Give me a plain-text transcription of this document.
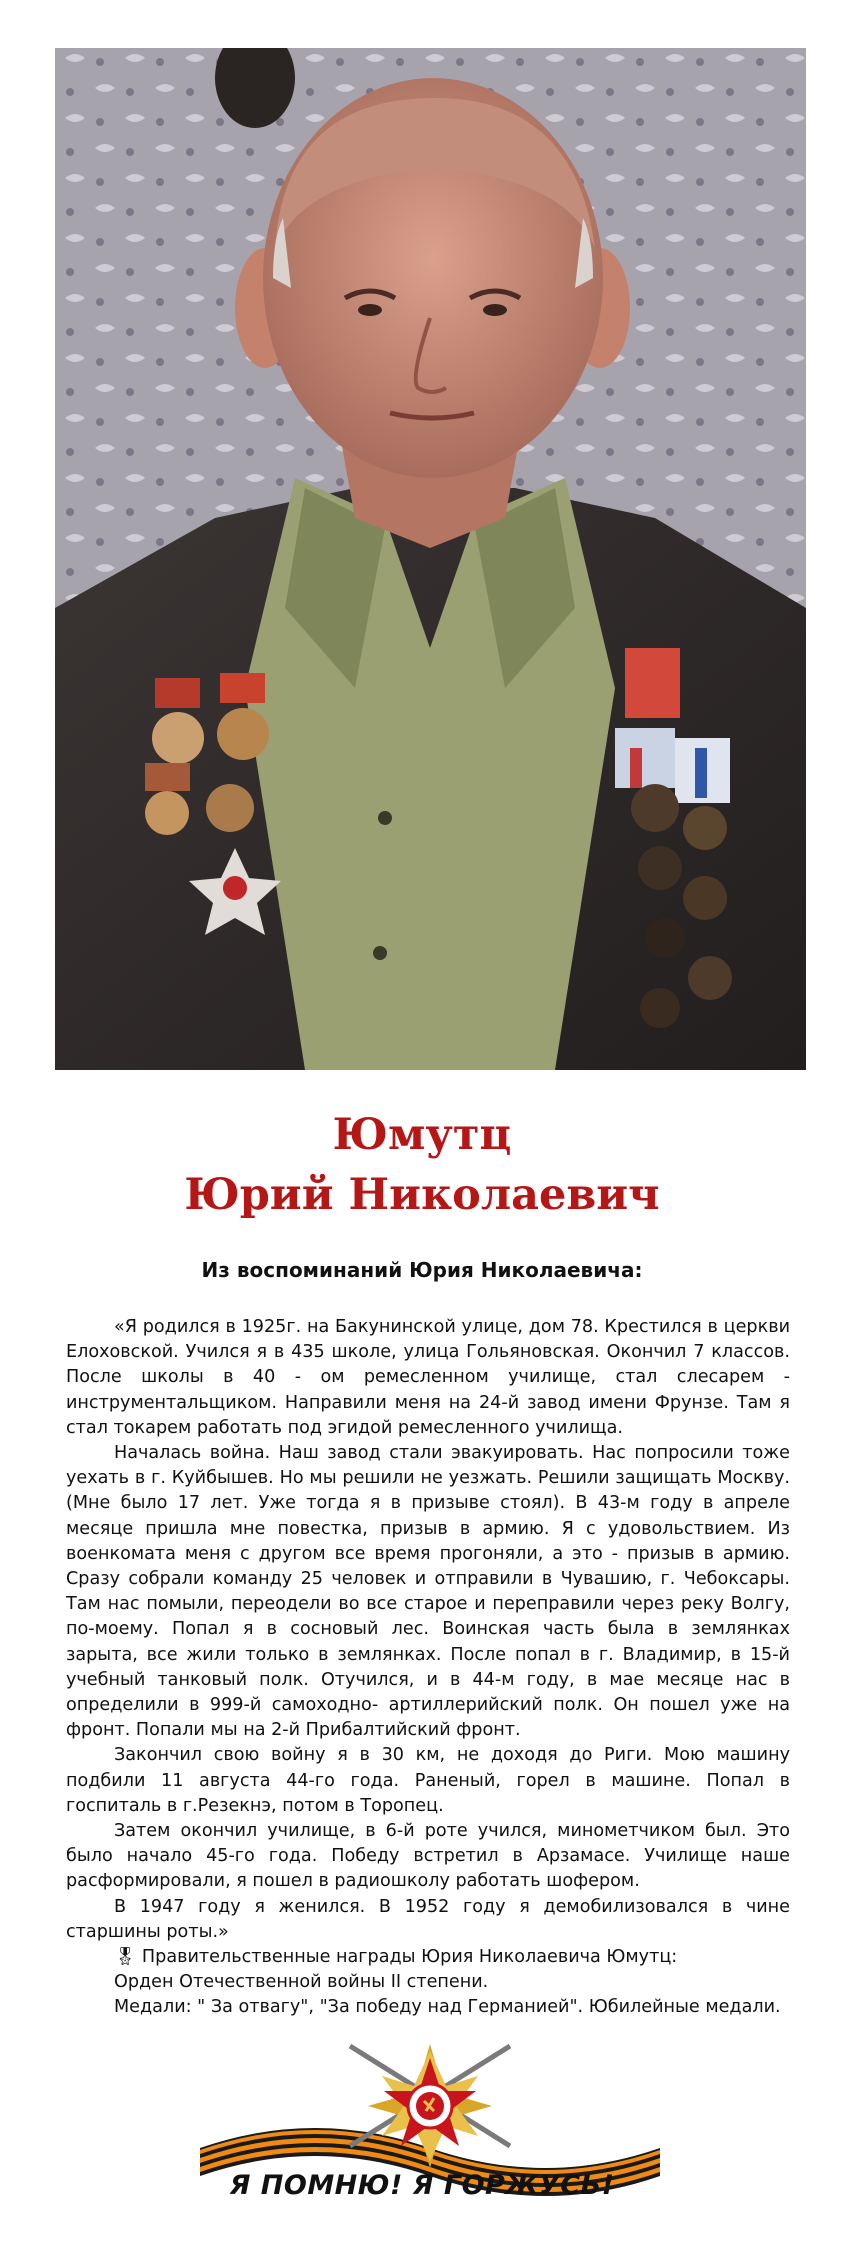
Юмутц
Юрий Николаевич
Из воспоминаний Юрия Николаевича:

«Я родился в 1925г. на Бакунинской улице, дом 78. Крестился в церкви Елоховской. Учился я в 435 школе, улица Гольяновская. Окончил 7 классов. После школы в 40 - ом ремесленном училище, стал слесарем - инструментальщиком. Направили меня на 24-й завод имени Фрунзе. Там я стал токарем работать под эгидой ремесленного училища.

Началась война. Наш завод стали эвакуировать. Нас попросили тоже уехать в г. Куйбышев. Но мы решили не уезжать. Решили защищать Москву. (Мне было 17 лет. Уже тогда я в призыве стоял). В 43-м году в апреле месяце пришла мне повестка, призыв в армию. Я с удовольствием. Из военкомата меня с другом все время прогоняли, а это - призыв в армию. Сразу собрали команду 25 человек и отправили в Чувашию, г. Чебоксары. Там нас помыли, переодели во все старое и переправили через реку Волгу, по-моему. Попал я в сосновый лес. Воинская часть была в землянках зарыта, все жили только в землянках. После попал в г. Владимир, в 15-й учебный танковый полк. Отучился, и в 44-м году, в мае месяце нас в определили в 999-й самоходно- артиллерийский полк. Он пошел уже на фронт. Попали мы на 2-й Прибалтийский фронт.

Закончил свою войну я в 30 км, не доходя до Риги. Мою машину подбили 11 августа 44-го года. Раненый, горел в машине. Попал в госпиталь в г.Резекнэ, потом в Торопец.

Затем окончил училище, в 6-й роте учился, минометчиком был. Это было начало 45-го года. Победу встретил в Арзамасе. Училище наше расформировали, я пошел в радиошколу работать шофером.

В 1947 году я женился. В 1952 году я демобилизовался в чине старшины роты.»

🎖 Правительственные награды Юрия Николаевича Юмутц:

Орден Отечественной войны II степени.

Медали: " За отвагу", "За победу над Германией". Юбилейные медали.

Я ПОМНЮ! Я ГОРЖУСЬ!
